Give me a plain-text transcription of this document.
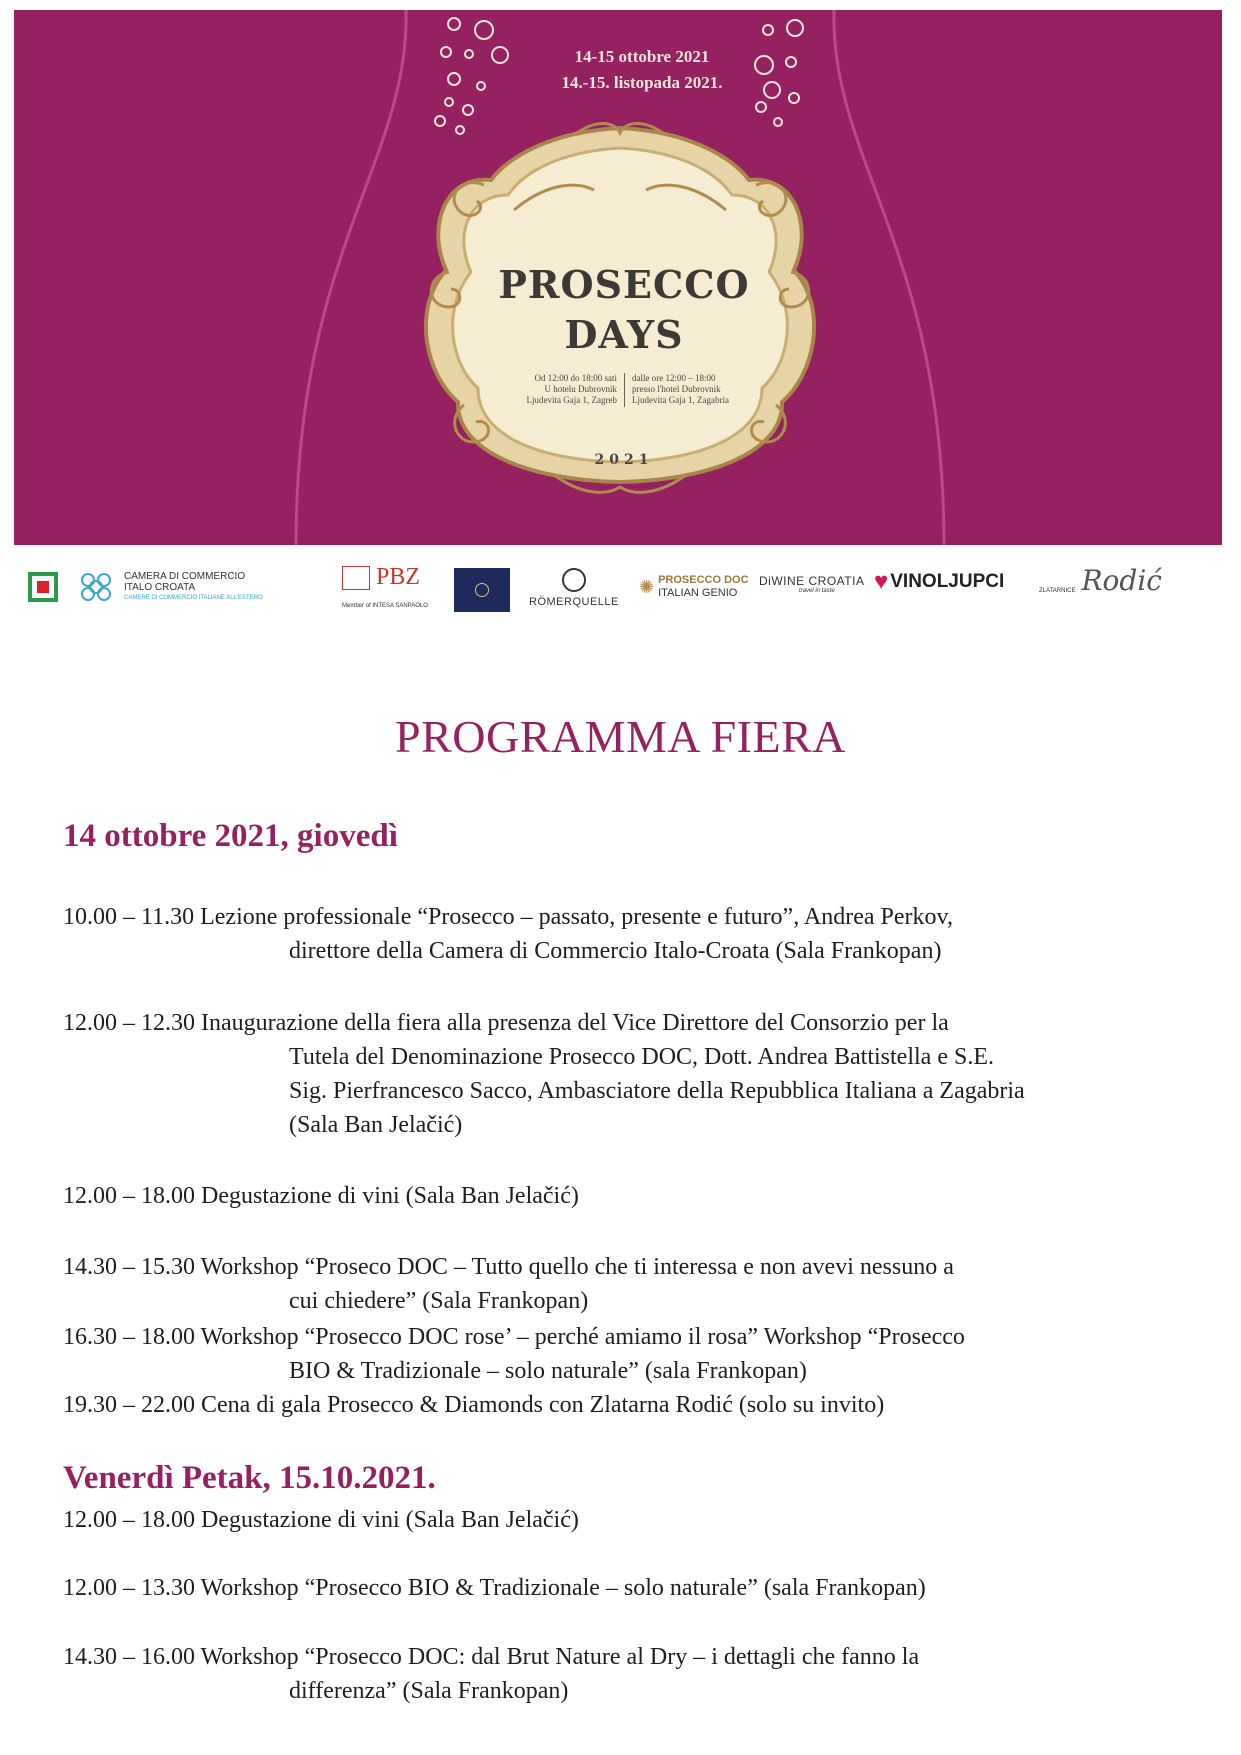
14-15 ottobre 2021
14.-15. listopada 2021.
PROSECCO
DAYS
Od 12:00 do 18:00 sati
U hotelu Dubrovnik
Ljudevita Gaja 1, Zagreb
dalle ore 12:00 – 18:00
presso l'hotel Dubrovnik
Ljudevita Gaja 1, Zagabria
2021
CAMERA DI COMMERCIO
ITALO CROATA
CAMERE DI COMMERCIO ITALIANE ALL'ESTERO
PBZ
Member of INTESA SANPAOLO	RÖMERQUELLE
✺ PROSECCO DOC
ITALIAN GENIO
DiWINE CROATIA
travel in taste ♥ VINOLJUPCI	ZLATARNICE Rodić
PROGRAMMA FIERA
14 ottobre 2021, giovedì
10.00 – 11.30 Lezione professionale “Prosecco – passato, presente e futuro”, Andrea Perkov,
direttore della Camera di Commercio Italo-Croata (Sala Frankopan)
12.00 – 12.30 Inaugurazione della fiera alla presenza del Vice Direttore del Consorzio per la
Tutela del Denominazione Prosecco DOC, Dott. Andrea Battistella e S.E.
Sig. Pierfrancesco Sacco, Ambasciatore della Repubblica Italiana a Zagabria
(Sala Ban Jelačić)
12.00 – 18.00 Degustazione di vini (Sala Ban Jelačić)
14.30 – 15.30 Workshop “Proseco DOC – Tutto quello che ti interessa e non avevi nessuno a
cui chiedere” (Sala Frankopan)
16.30 – 18.00 Workshop “Prosecco DOC rose’ – perché amiamo il rosa” Workshop “Prosecco
BIO & Tradizionale – solo naturale” (sala Frankopan)
19.30 – 22.00 Cena di gala Prosecco & Diamonds con Zlatarna Rodić (solo su invito)
Venerdì Petak, 15.10.2021.
12.00 – 18.00 Degustazione di vini (Sala Ban Jelačić)
12.00 – 13.30 Workshop “Prosecco BIO & Tradizionale – solo naturale” (sala Frankopan)
14.30 – 16.00 Workshop “Prosecco DOC: dal Brut Nature al Dry – i dettagli che fanno la
differenza” (Sala Frankopan)
